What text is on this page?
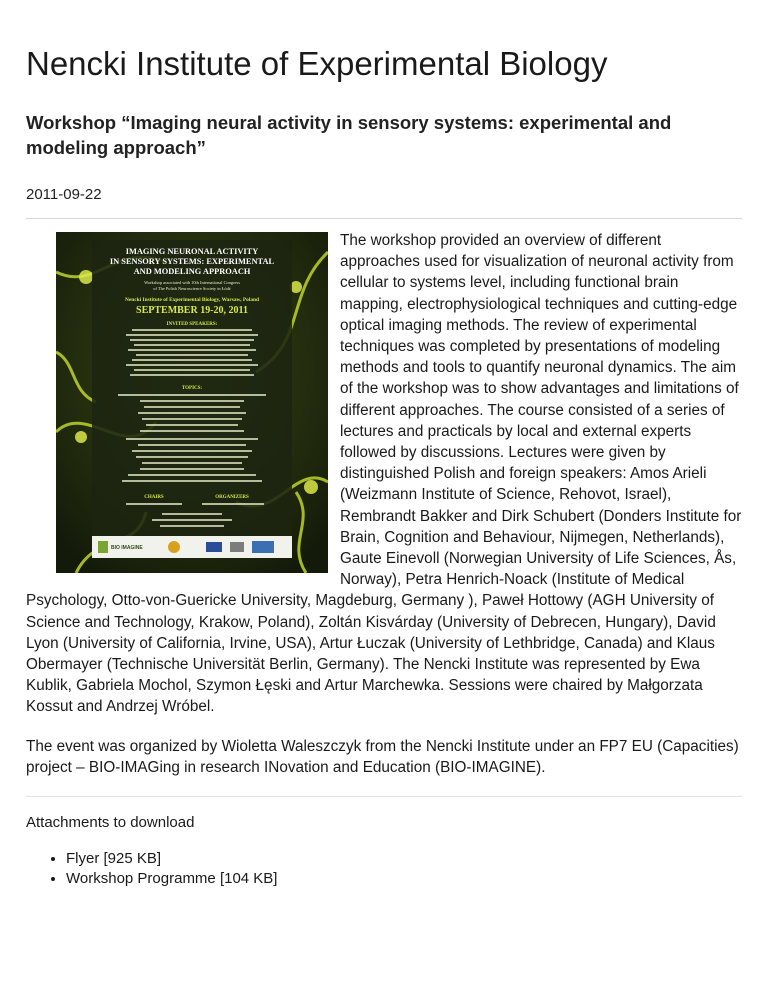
Nencki Institute of Experimental Biology
Workshop “Imaging neural activity in sensory systems: experimental and modeling approach”
2011-09-22
IMAGING NEURONAL ACTIVITY
IN SENSORY SYSTEMS: EXPERIMENTAL
AND MODELING APPROACH
Workshop associated with 10th International Congress
of The Polish Neuroscience Society in Łódź
Nencki Institute of Experimental Biology, Warsaw, Poland
SEPTEMBER 19-20, 2011
INVITED SPEAKERS:
TOPICS:
CHAIRS	ORGANIZERS
BIO IMAGINE

The workshop provided an overview of different approaches used for visualization of neuronal activity from cellular to systems level, including functional brain mapping, electrophysiological techniques and cutting-edge optical imaging methods. The review of experimental techniques was completed by presentations of modeling methods and tools to quantify neuronal dynamics. The aim of the workshop was to show advantages and limitations of different approaches. The course consisted of a series of lectures and practicals by local and external experts followed by discussions. Lectures were given by distinguished Polish and foreign speakers: Amos Arieli (Weizmann Institute of Science, Rehovot, Israel), Rembrandt Bakker and Dirk Schubert (Donders Institute for Brain, Cognition and Behaviour, Nijmegen, Netherlands), Gaute Einevoll (Norwegian University of Life Sciences, Ås, Norway), Petra Henrich-Noack (Institute of Medical Psychology, Otto-von-Guericke University, Magdeburg, Germany ), Paweł Hottowy (AGH University of Science and Technology, Krakow, Poland), Zoltán Kisvárday (University of Debrecen, Hungary), David Lyon (University of California, Irvine, USA), Artur Łuczak (University of Lethbridge, Canada) and Klaus Obermayer (Technische Universität Berlin, Germany). The Nencki Institute was represented by Ewa Kublik, Gabriela Mochol, Szymon Łęski and Artur Marchewka. Sessions were chaired by Małgorzata Kossut and Andrzej Wróbel.

The event was organized by Wioletta Waleszczyk from the Nencki Institute under an FP7 EU (Capacities) project – BIO-IMAGing in research INovation and Education (BIO-IMAGINE).

Attachments to download
• Flyer [925 KB]
• Workshop Programme [104 KB]
